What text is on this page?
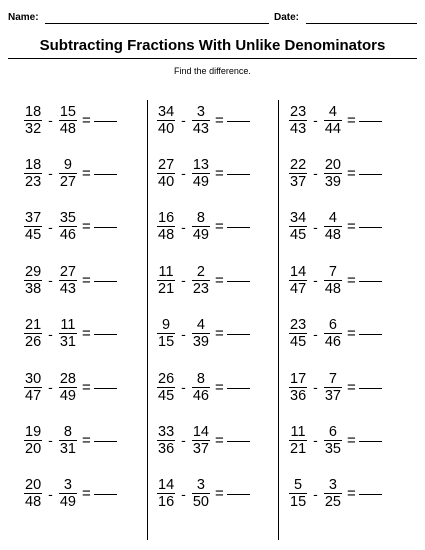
Name:	Date:
Subtracting Fractions With Unlike Denominators
Find the difference.
$\frac{18}{32} - \frac{15}{48}$ =
$\frac{18}{23} - \frac{9}{27}$ =
$\frac{37}{45} - \frac{35}{46}$ =
$\frac{29}{38} - \frac{27}{43}$ =
$\frac{21}{26} - \frac{11}{31}$ =
$\frac{30}{47} - \frac{28}{49}$ =
$\frac{19}{20} - \frac{8}{31}$ =
$\frac{20}{48} - \frac{3}{49}$ =
$\frac{34}{40} - \frac{3}{43}$ =
$\frac{27}{40} - \frac{13}{49}$ =
$\frac{16}{48} - \frac{8}{49}$ =
$\frac{11}{21} - \frac{2}{23}$ =
$\frac{9}{15} - \frac{4}{39}$ =
$\frac{26}{45} - \frac{8}{46}$ =
$\frac{33}{36} - \frac{14}{37}$ =
$\frac{14}{16} - \frac{3}{50}$ =
$\frac{23}{43} - \frac{4}{44}$ =
$\frac{22}{37} - \frac{20}{39}$ =
$\frac{34}{45} - \frac{4}{48}$ =
$\frac{14}{47} - \frac{7}{48}$ =
$\frac{23}{45} - \frac{6}{46}$ =
$\frac{17}{36} - \frac{7}{37}$ =
$\frac{11}{21} - \frac{6}{35}$ =
$\frac{5}{15} - \frac{3}{25}$ =
